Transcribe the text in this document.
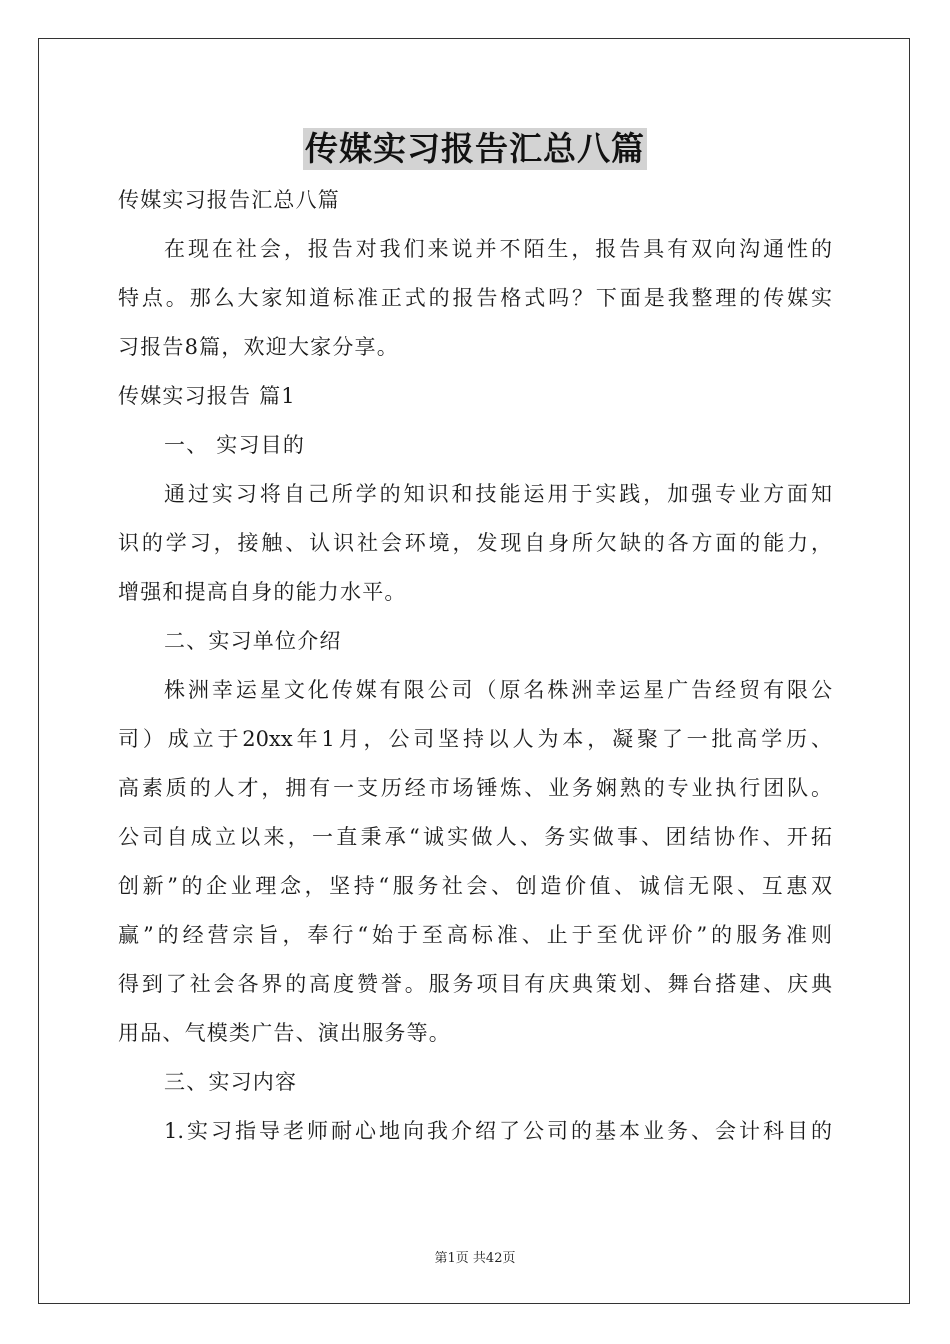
传媒实习报告汇总八篇
传媒实习报告汇总八篇
在现在社会，报告对我们来说并不陌生，报告具有双向沟通性的
特点。那么大家知道标准正式的报告格式吗？下面是我整理的传媒实
习报告8篇，欢迎大家分享。
传媒实习报告 篇1
一、 实习目的
通过实习将自己所学的知识和技能运用于实践，加强专业方面知
识的学习，接触、认识社会环境，发现自身所欠缺的各方面的能力，
增强和提高自身的能力水平。
二、实习单位介绍
株洲幸运星文化传媒有限公司（原名株洲幸运星广告经贸有限公
司）成立于20xx年1月，公司坚持以人为本，凝聚了一批高学历、
高素质的人才，拥有一支历经市场锤炼、业务娴熟的专业执行团队。
公司自成立以来，一直秉承“诚实做人、务实做事、团结协作、开拓
创新”的企业理念，坚持“服务社会、创造价值、诚信无限、互惠双
赢”的经营宗旨，奉行“始于至高标准、止于至优评价”的服务准则
得到了社会各界的高度赞誉。服务项目有庆典策划、舞台搭建、庆典
用品、气模类广告、演出服务等。
三、实习内容
1.实习指导老师耐心地向我介绍了公司的基本业务、会计科目的
第1页 共42页
